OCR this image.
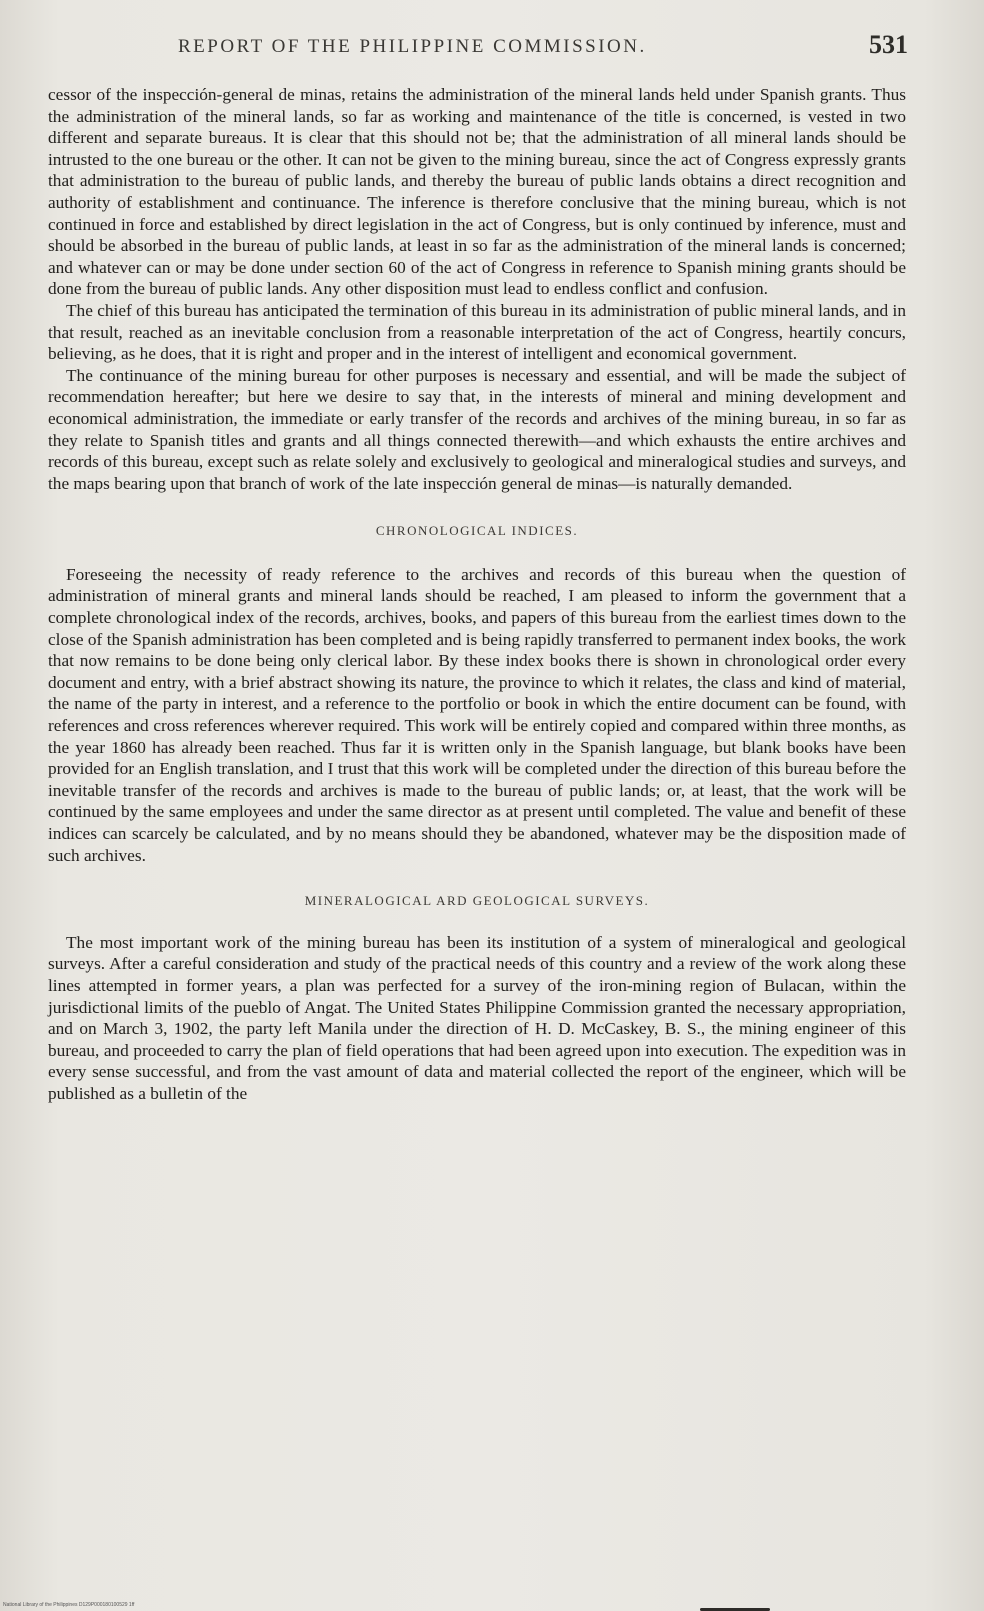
REPORT OF THE PHILIPPINE COMMISSION.	531

cessor of the inspección-general de minas, retains the administration of the mineral lands held under Spanish grants. Thus the administration of the mineral lands, so far as working and maintenance of the title is concerned, is vested in two different and separate bureaus. It is clear that this should not be; that the administration of all mineral lands should be intrusted to the one bureau or the other. It can not be given to the mining bureau, since the act of Congress expressly grants that administration to the bureau of public lands, and thereby the bureau of public lands obtains a direct recognition and authority of establishment and continuance. The inference is therefore conclusive that the mining bureau, which is not continued in force and established by direct legislation in the act of Congress, but is only continued by inference, must and should be absorbed in the bureau of public lands, at least in so far as the administration of the mineral lands is concerned; and whatever can or may be done under section 60 of the act of Congress in reference to Spanish mining grants should be done from the bureau of public lands. Any other disposition must lead to endless conflict and confusion.

The chief of this bureau has anticipated the termination of this bureau in its administration of public mineral lands, and in that result, reached as an inevitable conclusion from a reasonable interpretation of the act of Congress, heartily concurs, believing, as he does, that it is right and proper and in the interest of intelligent and economical government.

The continuance of the mining bureau for other purposes is necessary and essential, and will be made the subject of recommendation hereafter; but here we desire to say that, in the interests of mineral and mining development and economical administration, the immediate or early transfer of the records and archives of the mining bureau, in so far as they relate to Spanish titles and grants and all things connected therewith—and which exhausts the entire archives and records of this bureau, except such as relate solely and exclusively to geological and mineralogical studies and surveys, and the maps bearing upon that branch of work of the late inspección general de minas—is naturally demanded.

CHRONOLOGICAL INDICES.

Foreseeing the necessity of ready reference to the archives and records of this bureau when the question of administration of mineral grants and mineral lands should be reached, I am pleased to inform the government that a complete chronological index of the records, archives, books, and papers of this bureau from the earliest times down to the close of the Spanish administration has been completed and is being rapidly transferred to permanent index books, the work that now remains to be done being only clerical labor. By these index books there is shown in chronological order every document and entry, with a brief abstract showing its nature, the province to which it relates, the class and kind of material, the name of the party in interest, and a reference to the portfolio or book in which the entire document can be found, with references and cross references wherever required. This work will be entirely copied and compared within three months, as the year 1860 has already been reached. Thus far it is written only in the Spanish language, but blank books have been provided for an English translation, and I trust that this work will be completed under the direction of this bureau before the inevitable transfer of the records and archives is made to the bureau of public lands; or, at least, that the work will be continued by the same employees and under the same director as at present until completed. The value and benefit of these indices can scarcely be calculated, and by no means should they be abandoned, whatever may be the disposition made of such archives.

MINERALOGICAL ARD GEOLOGICAL SURVEYS.

The most important work of the mining bureau has been its institution of a system of mineralogical and geological surveys. After a careful consideration and study of the practical needs of this country and a review of the work along these lines attempted in former years, a plan was perfected for a survey of the iron-mining region of Bulacan, within the jurisdictional limits of the pueblo of Angat. The United States Philippine Commission granted the necessary appropriation, and on March 3, 1902, the party left Manila under the direction of H. D. McCaskey, B. S., the mining engineer of this bureau, and proceeded to carry the plan of field operations that had been agreed upon into execution. The expedition was in every sense successful, and from the vast amount of data and material collected the report of the engineer, which will be published as a bulletin of the

National Library of the Philippines D129P000180100529 1ff
